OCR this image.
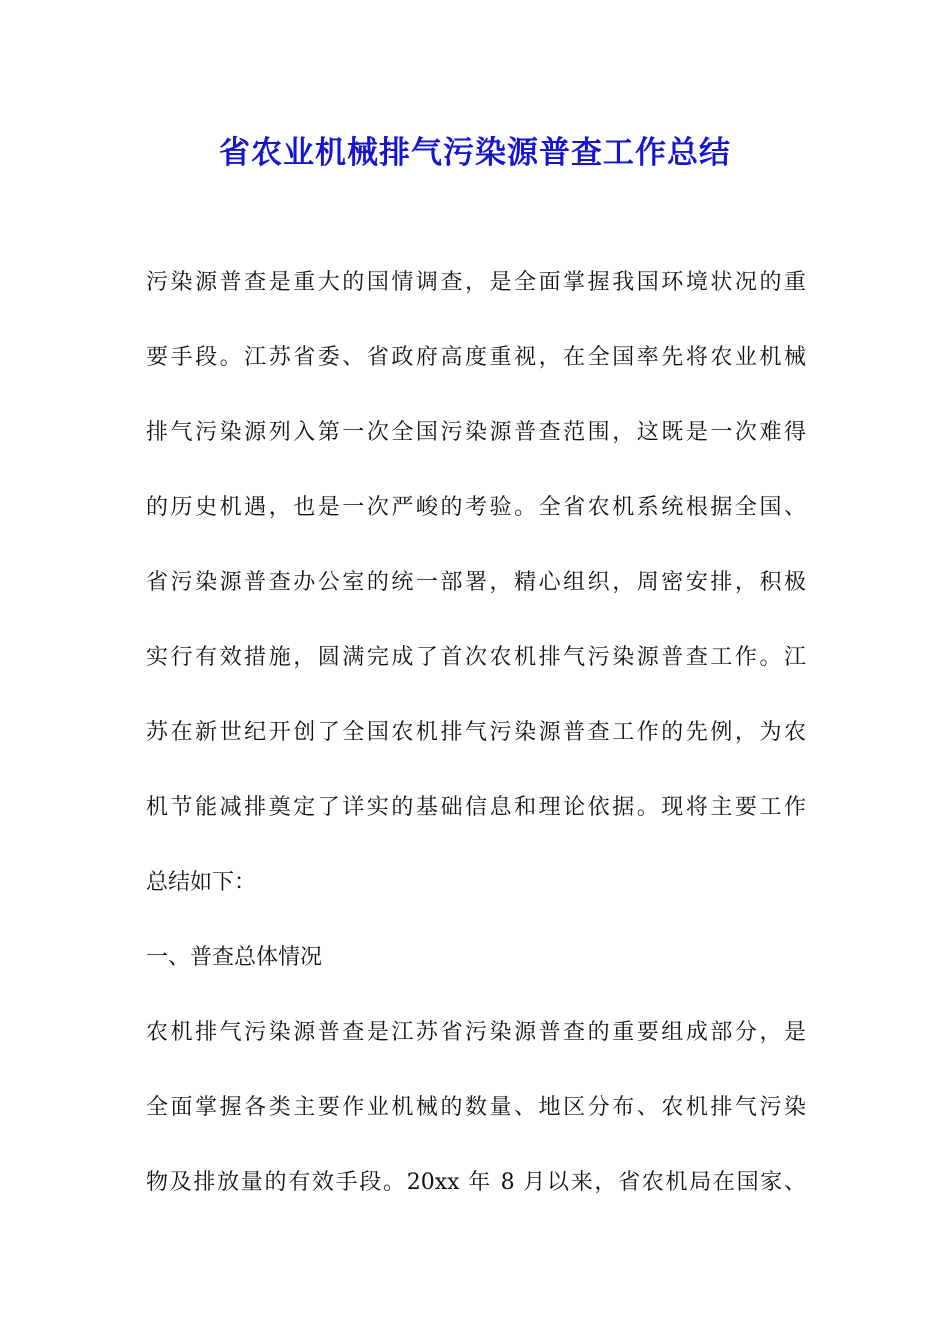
省农业机械排气污染源普查工作总结

污染源普查是重大的国情调查，是全面掌握我国环境状况的重

要手段。江苏省委、省政府高度重视，在全国率先将农业机械

排气污染源列入第一次全国污染源普查范围，这既是一次难得

的历史机遇，也是一次严峻的考验。全省农机系统根据全国、

省污染源普查办公室的统一部署，精心组织，周密安排，积极

实行有效措施，圆满完成了首次农机排气污染源普查工作。江

苏在新世纪开创了全国农机排气污染源普查工作的先例，为农

机节能减排奠定了详实的基础信息和理论依据。现将主要工作

总结如下：

一、普查总体情况

农机排气污染源普查是江苏省污染源普查的重要组成部分，是

全面掌握各类主要作业机械的数量、地区分布、农机排气污染

物及排放量的有效手段。20xx 年 8 月以来，省农机局在国家、
